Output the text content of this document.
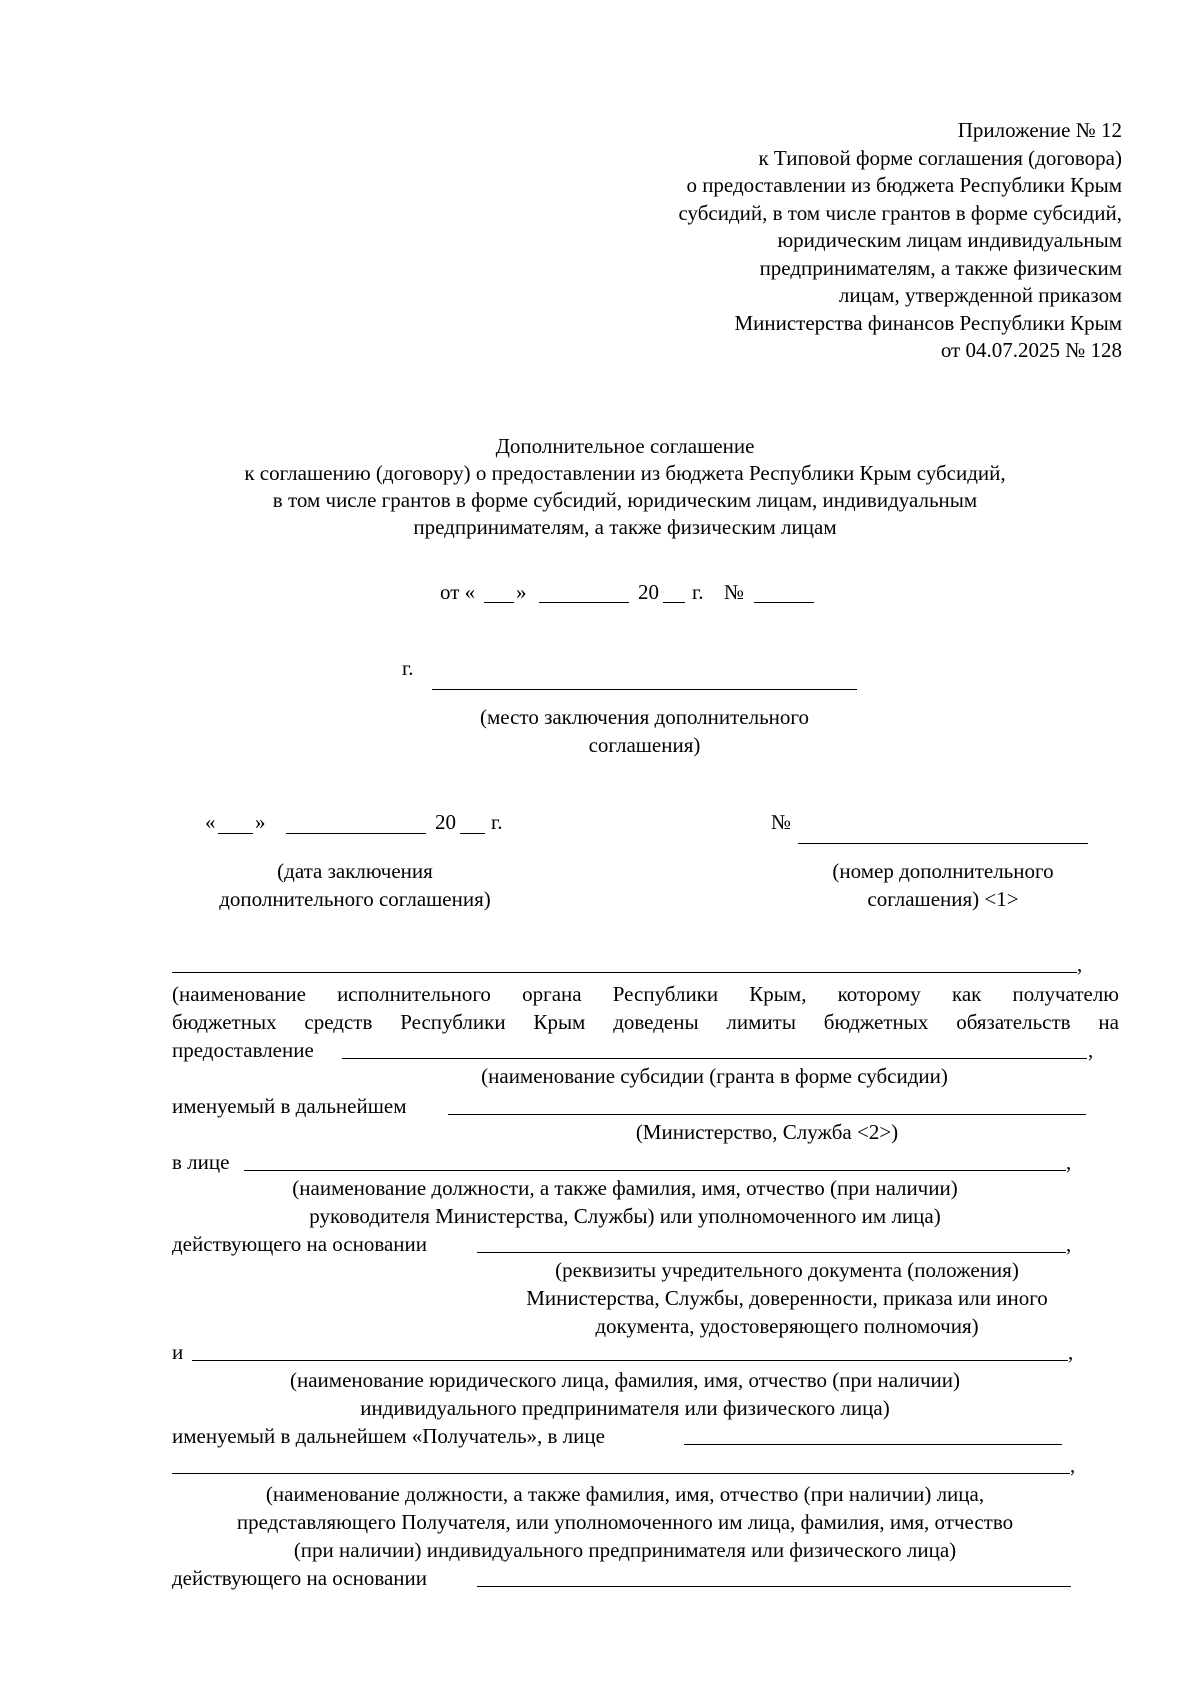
Приложение № 12
к Типовой форме соглашения (договора)
о предоставлении из бюджета Республики Крым
субсидий, в том числе грантов в форме субсидий,
юридическим лицам индивидуальным
предпринимателям, а также физическим
лицам, утвержденной приказом
Министерства финансов Республики Крым
от 04.07.2025 № 128
Дополнительное соглашение
к соглашению (договору) о предоставлении из бюджета Республики Крым субсидий,
в том числе грантов в форме субсидий, юридическим лицам, индивидуальным
предпринимателям, а также физическим лицам
от « »	20 г. №
г.
(место заключения дополнительного
соглашения)
« »	20 г.
(дата заключения
дополнительного соглашения)
№
(номер дополнительного
соглашения) <1>
,
(наименование исполнительного органа Республики Крым, которому как получателю
бюджетных средств Республики Крым доведены лимиты бюджетных обязательств на
предоставление	,
(наименование субсидии (гранта в форме субсидии)
именуемый в дальнейшем
(Министерство, Служба <2>)
в лице	,
(наименование должности, а также фамилия, имя, отчество (при наличии)
руководителя Министерства, Службы) или уполномоченного им лица)
действующего на основании	,
(реквизиты учредительного документа (положения)
Министерства, Службы, доверенности, приказа или иного
документа, удостоверяющего полномочия)
и	,
(наименование юридического лица, фамилия, имя, отчество (при наличии)
индивидуального предпринимателя или физического лица)
именуемый в дальнейшем «Получатель», в лице
,
(наименование должности, а также фамилия, имя, отчество (при наличии) лица,
представляющего Получателя, или уполномоченного им лица, фамилия, имя, отчество
(при наличии) индивидуального предпринимателя или физического лица)
действующего на основании
